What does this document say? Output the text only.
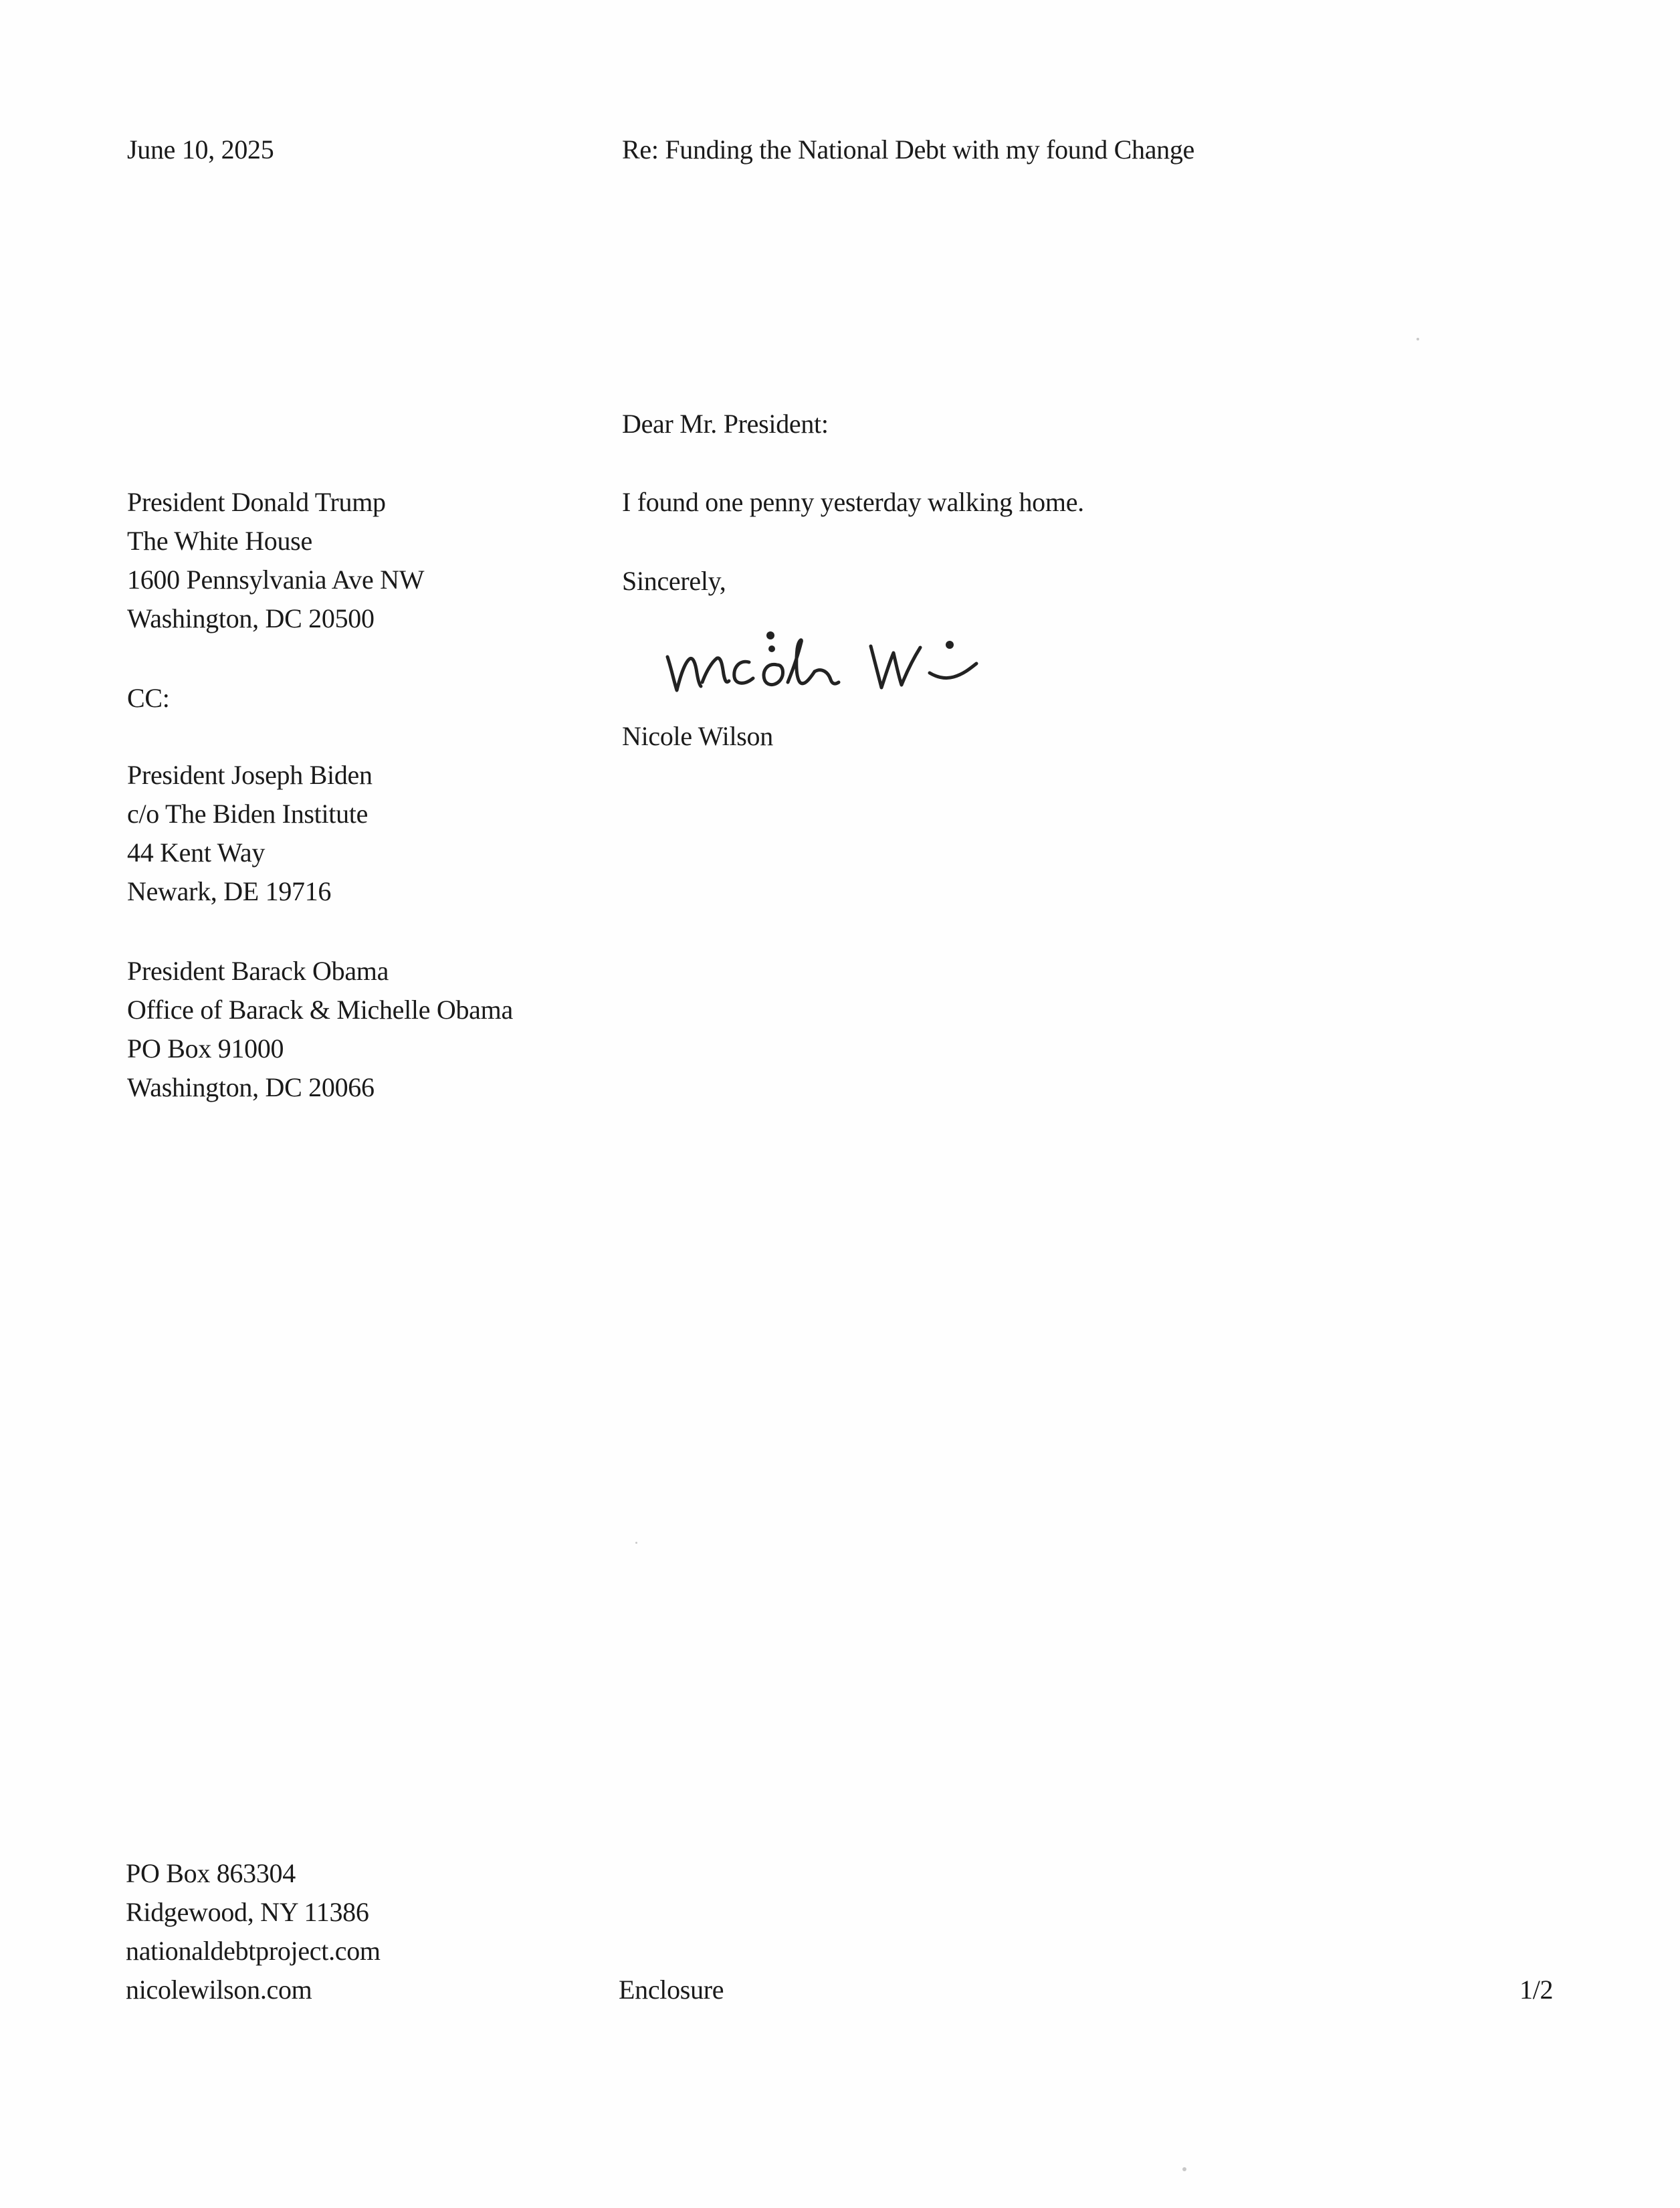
June 10, 2025	Re: Funding the National Debt with my found Change
Dear Mr. President:
I found one penny yesterday walking home.
Sincerely,
Nicole Wilson
President Donald Trump
The White House
1600 Pennsylvania Ave NW
Washington, DC 20500
CC:
President Joseph Biden
c/o The Biden Institute
44 Kent Way
Newark, DE 19716
President Barack Obama
Office of Barack & Michelle Obama
PO Box 91000
Washington, DC 20066
PO Box 863304
Ridgewood, NY 11386
nationaldebtproject.com
nicolewilson.com	Enclosure	1/2
